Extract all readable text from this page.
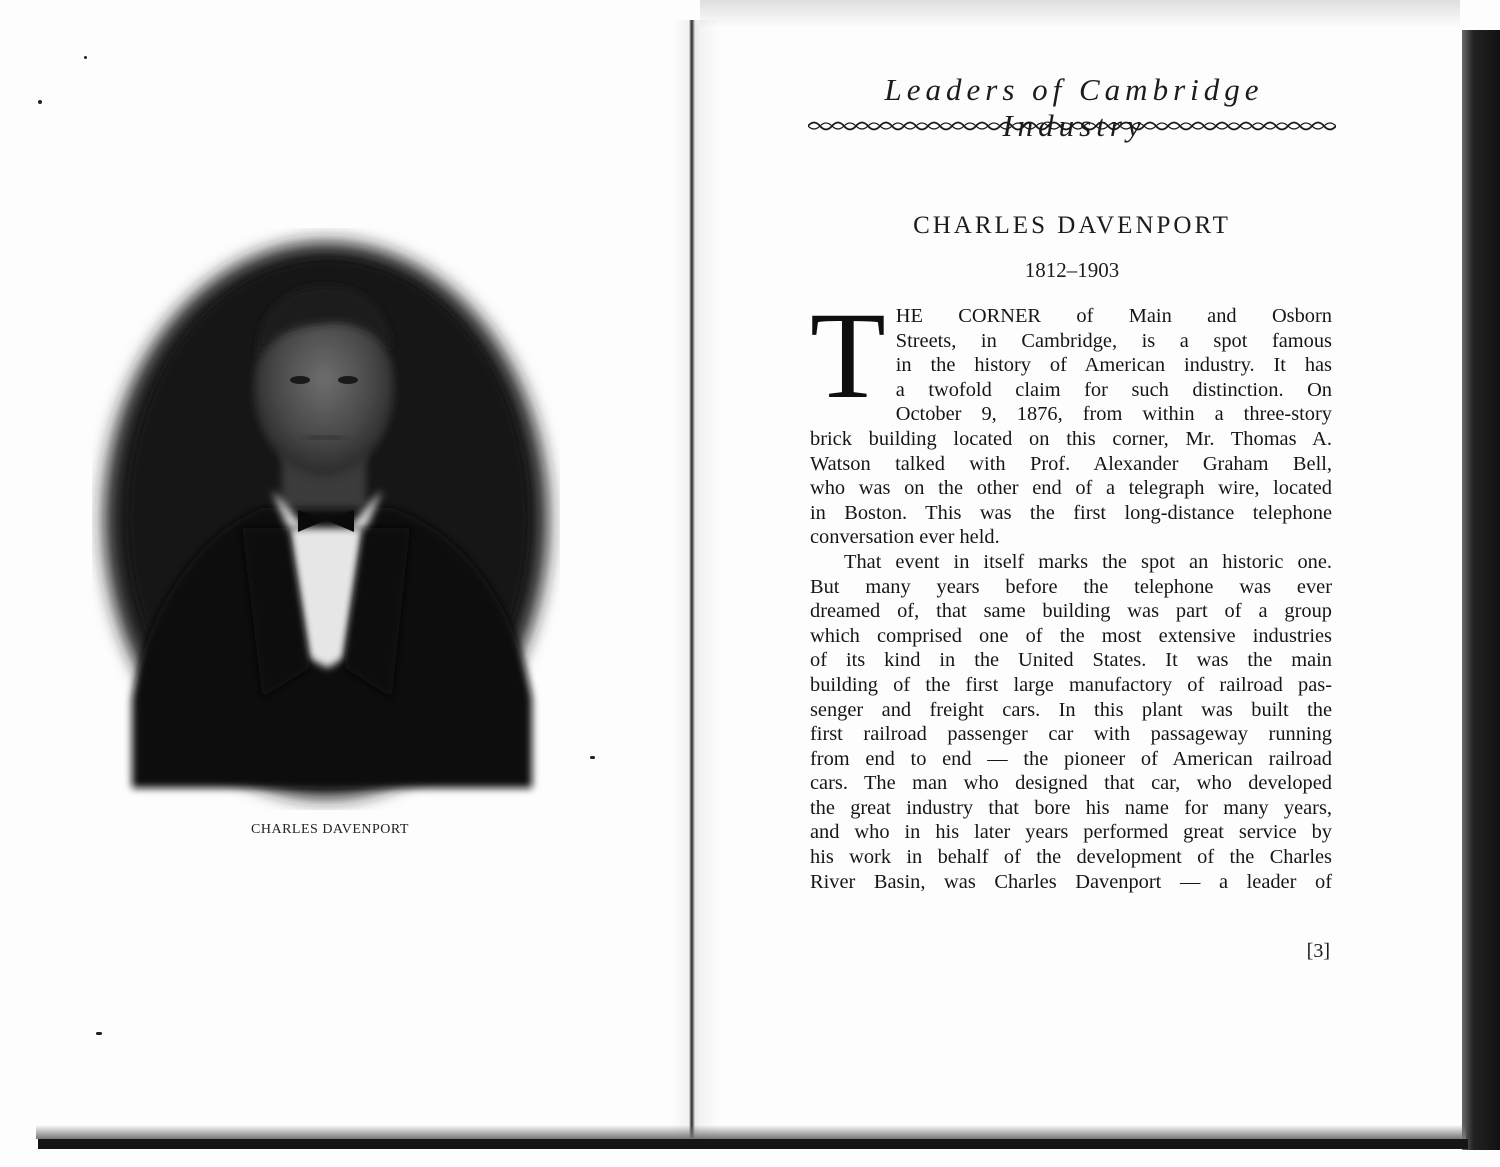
CHARLES DAVENPORT
Leaders of Cambridge Industry
CHARLES DAVENPORT
1812–1903
T HE CORNER of Main and Osborn
Streets, in Cambridge, is a spot famous
in the history of American industry. It has
a twofold claim for such distinction. On
October 9, 1876, from within a three-story
brick building located on this corner, Mr. Thomas A.
Watson talked with Prof. Alexander Graham Bell,
who was on the other end of a telegraph wire, located
in Boston. This was the first long-distance telephone
conversation ever held.
That event in itself marks the spot an historic one.
But many years before the telephone was ever
dreamed of, that same building was part of a group
which comprised one of the most extensive industries
of its kind in the United States. It was the main
building of the first large manufactory of railroad pas-
senger and freight cars. In this plant was built the
first railroad passenger car with passageway running
from end to end — the pioneer of American railroad
cars. The man who designed that car, who developed
the great industry that bore his name for many years,
and who in his later years performed great service by
his work in behalf of the development of the Charles
River Basin, was Charles Davenport — a leader of
[3]
